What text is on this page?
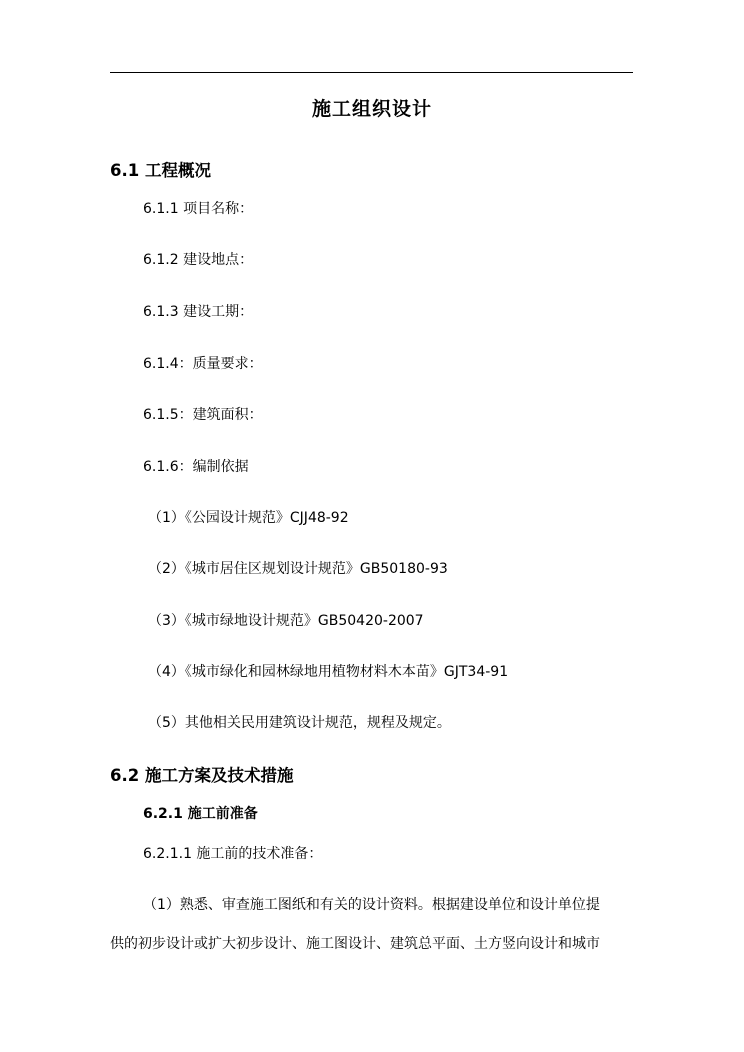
施工组织设计
6.1 工程概况
6.1.1 项目名称：
6.1.2 建设地点：
6.1.3 建设工期：
6.1.4：质量要求：
6.1.5：建筑面积：
6.1.6：编制依据
（1）《公园设计规范》CJJ48-92
（2）《城市居住区规划设计规范》GB50180-93
（3）《城市绿地设计规范》GB50420-2007
（4）《城市绿化和园林绿地用植物材料木本苗》GJT34-91
（5）其他相关民用建筑设计规范，规程及规定。
6.2 施工方案及技术措施
6.2.1 施工前准备
6.2.1.1 施工前的技术准备：
（1）熟悉、审查施工图纸和有关的设计资料。根据建设单位和设计单位提
供的初步设计或扩大初步设计、施工图设计、建筑总平面、土方竖向设计和城市
